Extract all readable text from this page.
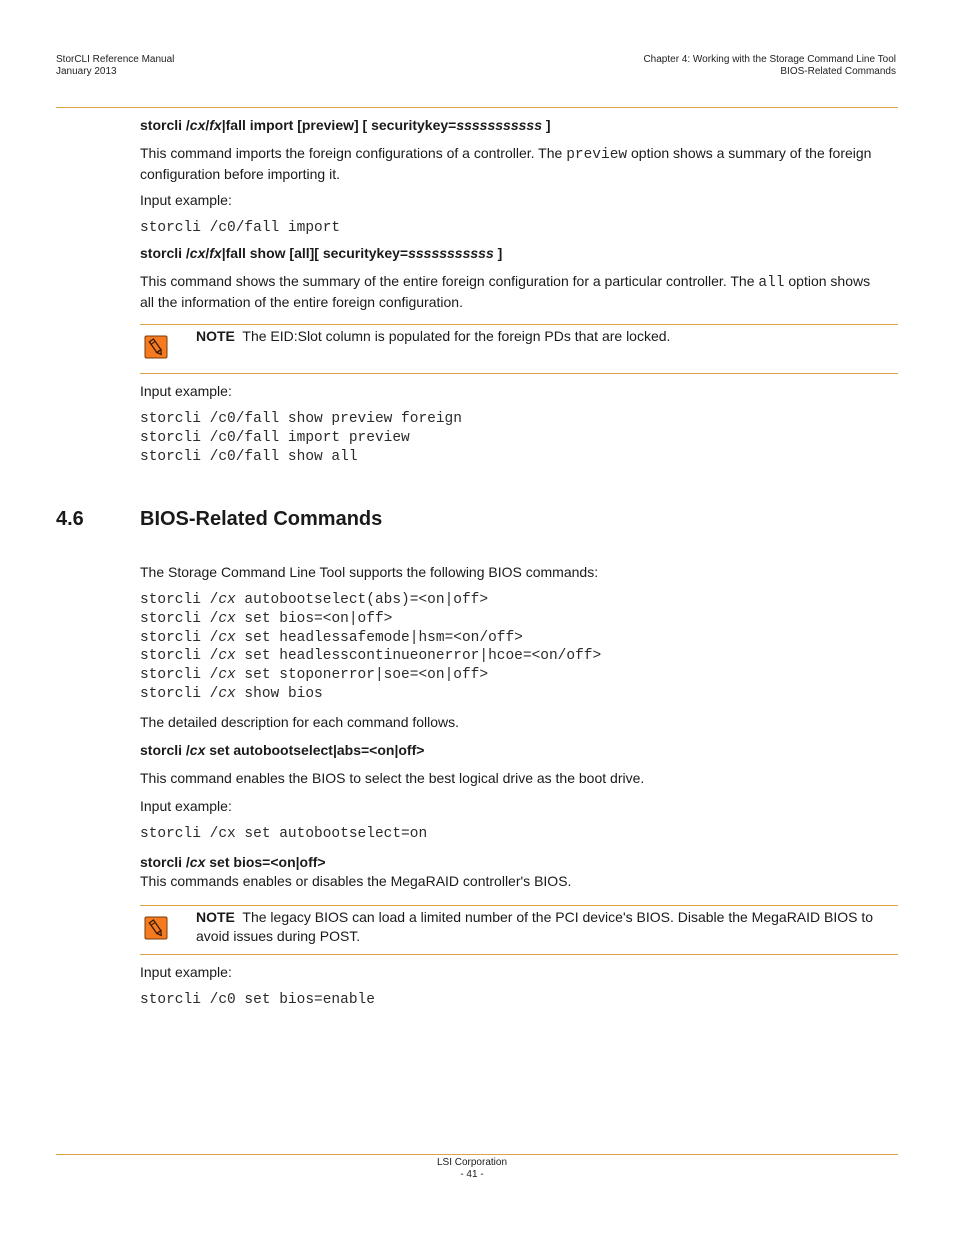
StorCLI Reference Manual
January 2013
Chapter 4: Working with the Storage Command Line Tool
BIOS-Related Commands
storcli /cx/fx|fall import [preview] [ securitykey=sssssssssss ]
This command imports the foreign configurations of a controller. The preview option shows a summary of the foreign configuration before importing it.
Input example:
storcli /c0/fall import
storcli /cx/fx|fall show [all][ securitykey=sssssssssss ]
This command shows the summary of the entire foreign configuration for a particular controller. The all option shows all the information of the entire foreign configuration.
NOTE The EID:Slot column is populated for the foreign PDs that are locked.
Input example:
storcli /c0/fall show preview foreign
storcli /c0/fall import preview
storcli /c0/fall show all
4.6	BIOS-Related Commands
The Storage Command Line Tool supports the following BIOS commands:
storcli /cx autobootselect(abs)=<on|off>
storcli /cx set bios=<on|off>
storcli /cx set headlessafemode|hsm=<on/off>
storcli /cx set headlesscontinueonerror|hcoe=<on/off>
storcli /cx set stoponerror|soe=<on|off>
storcli /cx show bios
The detailed description for each command follows.
storcli /cx set autobootselect|abs=<on|off>
This command enables the BIOS to select the best logical drive as the boot drive.
Input example:
storcli /cx set autobootselect=on
storcli /cx set bios=<on|off>
This commands enables or disables the MegaRAID controller's BIOS.
NOTE The legacy BIOS can load a limited number of the PCI device's BIOS. Disable the MegaRAID BIOS to avoid issues during POST.
Input example:
storcli /c0 set bios=enable
LSI Corporation
- 41 -
